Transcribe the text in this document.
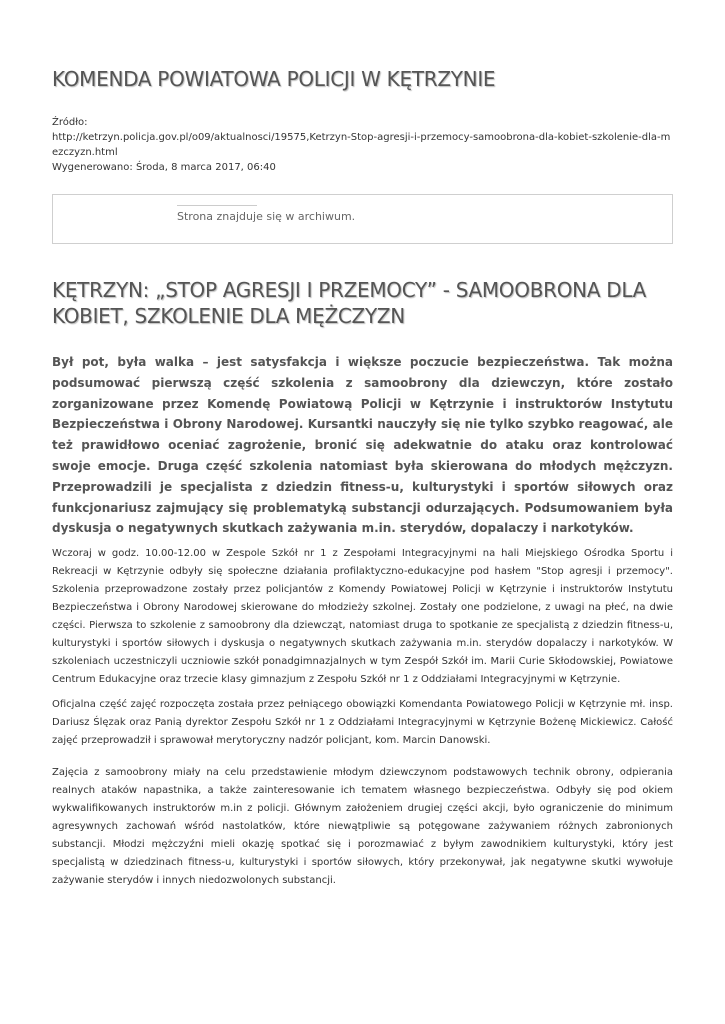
KOMENDA POWIATOWA POLICJI W KĘTRZYNIE
Źródło:
http://ketrzyn.policja.gov.pl/o09/aktualnosci/19575,Ketrzyn-Stop-agresji-i-przemocy-samoobrona-dla-kobiet-szkolenie-dla-mezczyzn.html
Wygenerowano: Środa, 8 marca 2017, 06:40
Strona znajduje się w archiwum.
KĘTRZYN: „STOP AGRESJI I PRZEMOCY” - SAMOOBRONA DLA KOBIET, SZKOLENIE DLA MĘŻCZYZN

Był pot, była walka – jest satysfakcja i większe poczucie bezpieczeństwa. Tak można podsumować pierwszą część szkolenia z samoobrony dla dziewczyn, które zostało zorganizowane przez Komendę Powiatową Policji w Kętrzynie i instruktorów Instytutu Bezpieczeństwa i Obrony Narodowej. Kursantki nauczyły się nie tylko szybko reagować, ale też prawidłowo oceniać zagrożenie, bronić się adekwatnie do ataku oraz kontrolować swoje emocje. Druga część szkolenia natomiast była skierowana do młodych mężczyzn. Przeprowadzili je specjalista z dziedzin fitness-u, kulturystyki i sportów siłowych oraz funkcjonariusz zajmujący się problematyką substancji odurzających. Podsumowaniem była dyskusja o negatywnych skutkach zażywania m.in. sterydów, dopalaczy i narkotyków.

Wczoraj w godz. 10.00-12.00 w Zespole Szkół nr 1 z Zespołami Integracyjnymi na hali Miejskiego Ośrodka Sportu i Rekreacji w Kętrzynie odbyły się społeczne działania profilaktyczno-edukacyjne pod hasłem "Stop agresji i przemocy". Szkolenia przeprowadzone zostały przez policjantów z Komendy Powiatowej Policji w Kętrzynie i instruktorów Instytutu Bezpieczeństwa i Obrony Narodowej skierowane do młodzieży szkolnej. Zostały one podzielone, z uwagi na płeć, na dwie części. Pierwsza to szkolenie z samoobrony dla dziewcząt, natomiast druga to spotkanie ze specjalistą z dziedzin fitness-u, kulturystyki i sportów siłowych i dyskusja o negatywnych skutkach zażywania m.in. sterydów dopalaczy i narkotyków. W szkoleniach uczestniczyli uczniowie szkół ponadgimnazjalnych w tym Zespół Szkół im. Marii Curie Skłodowskiej, Powiatowe Centrum Edukacyjne oraz trzecie klasy gimnazjum z Zespołu Szkół nr 1 z Oddziałami Integracyjnymi w Kętrzynie.

Oficjalna część zajęć rozpoczęta została przez pełniącego obowiązki Komendanta Powiatowego Policji w Kętrzynie mł. insp. Dariusz Ślęzak oraz Panią dyrektor Zespołu Szkół nr 1 z Oddziałami Integracyjnymi w Kętrzynie Bożenę Mickiewicz. Całość zajęć przeprowadził i sprawował merytoryczny nadzór policjant, kom. Marcin Danowski.

Zajęcia z samoobrony miały na celu przedstawienie młodym dziewczynom podstawowych technik obrony, odpierania realnych ataków napastnika, a także zainteresowanie ich tematem własnego bezpieczeństwa. Odbyły się pod okiem wykwalifikowanych instruktorów m.in z policji. Głównym założeniem drugiej części akcji, było ograniczenie do minimum agresywnych zachowań wśród nastolatków, które niewątpliwie są potęgowane zażywaniem różnych zabronionych substancji. Młodzi mężczyźni mieli okazję spotkać się i porozmawiać z byłym zawodnikiem kulturystyki, który jest specjalistą w dziedzinach fitness-u, kulturystyki i sportów siłowych, który przekonywał, jak negatywne skutki wywołuje zażywanie sterydów i innych niedozwolonych substancji.
